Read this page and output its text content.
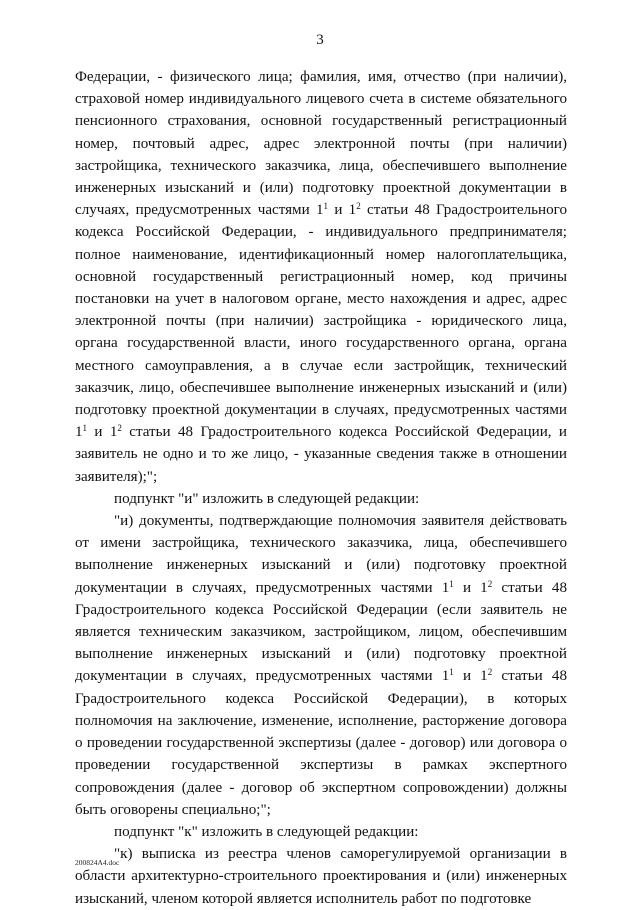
3

Федерации, - физического лица; фамилия, имя, отчество (при наличии), страховой номер индивидуального лицевого счета в системе обязательного пенсионного страхования, основной государственный регистрационный номер, почтовый адрес, адрес электронной почты (при наличии) застройщика, технического заказчика, лица, обеспечившего выполнение инженерных изысканий и (или) подготовку проектной документации в случаях, предусмотренных частями $1^1$ и $1^2$ статьи 48 Градостроительного кодекса Российской Федерации, - индивидуального предпринимателя; полное наименование, идентификационный номер налогоплательщика, основной государственный регистрационный номер, код причины постановки на учет в налоговом органе, место нахождения и адрес, адрес электронной почты (при наличии) застройщика - юридического лица, органа государственной власти, иного государственного органа, органа местного самоуправления, а в случае если застройщик, технический заказчик, лицо, обеспечившее выполнение инженерных изысканий и (или) подготовку проектной документации в случаях, предусмотренных частями $1^1$ и $1^2$ статьи 48 Градостроительного кодекса Российской Федерации, и заявитель не одно и то же лицо, - указанные сведения также в отношении заявителя);";

подпункт "и" изложить в следующей редакции:

"и) документы, подтверждающие полномочия заявителя действовать от имени застройщика, технического заказчика, лица, обеспечившего выполнение инженерных изысканий и (или) подготовку проектной документации в случаях, предусмотренных частями $1^1$ и $1^2$ статьи 48 Градостроительного кодекса Российской Федерации (если заявитель не является техническим заказчиком, застройщиком, лицом, обеспечившим выполнение инженерных изысканий и (или) подготовку проектной документации в случаях, предусмотренных частями $1^1$ и $1^2$ статьи 48 Градостроительного кодекса Российской Федерации), в которых полномочия на заключение, изменение, исполнение, расторжение договора о проведении государственной экспертизы (далее - договор) или договора о проведении государственной экспертизы в рамках экспертного сопровождения (далее - договор об экспертном сопровождении) должны быть оговорены специально;";

подпункт "к" изложить в следующей редакции:

"к) выписка из реестра членов саморегулируемой организации в области архитектурно-строительного проектирования и (или) инженерных изысканий, членом которой является исполнитель работ по подготовке

200824A4.doc
